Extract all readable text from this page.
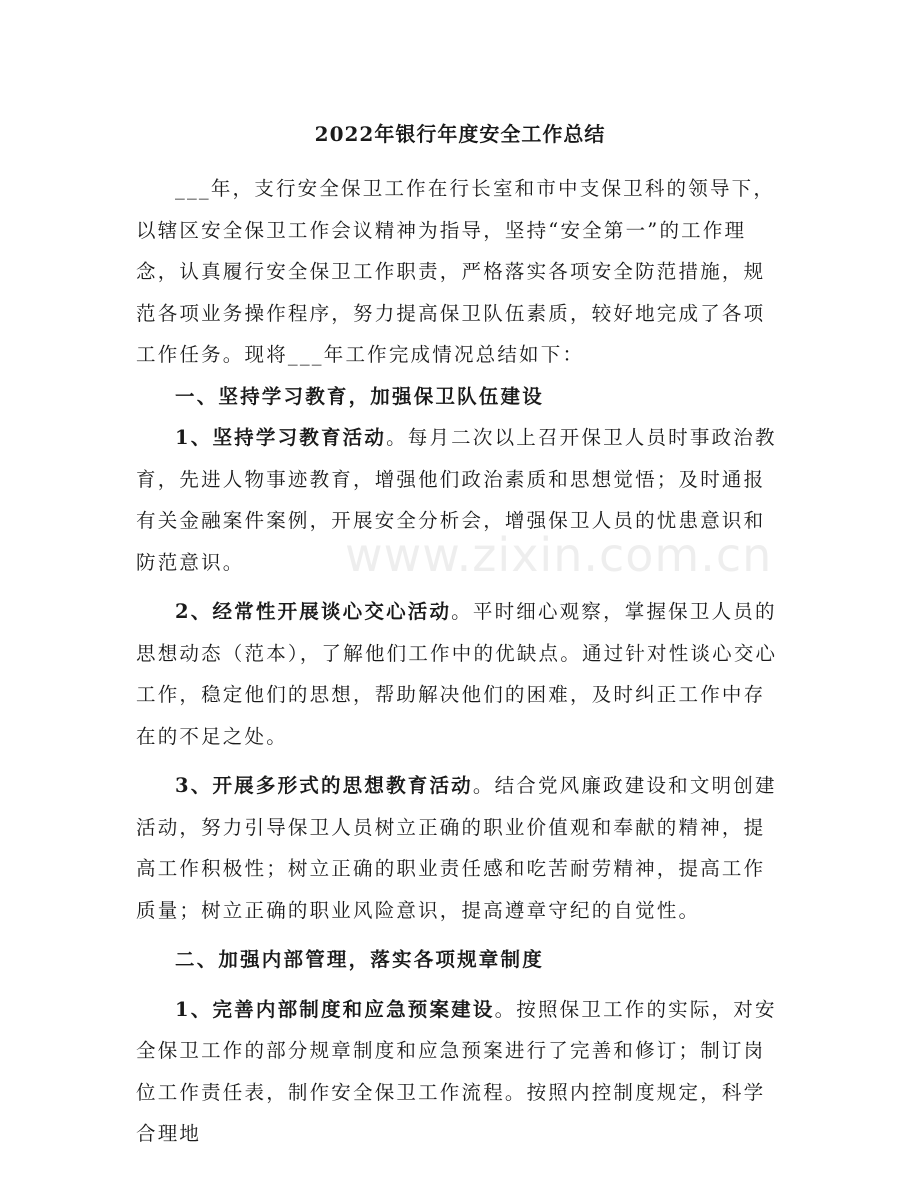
2022年银行年度安全工作总结

___年，支行安全保卫工作在行长室和市中支保卫科的领导下，以辖区安全保卫工作会议精神为指导，坚持“安全第一”的工作理念，认真履行安全保卫工作职责，严格落实各项安全防范措施，规范各项业务操作程序，努力提高保卫队伍素质，较好地完成了各项工作任务。现将___年工作完成情况总结如下：

一、坚持学习教育，加强保卫队伍建设

1、坚持学习教育活动。每月二次以上召开保卫人员时事政治教育，先进人物事迹教育，增强他们政治素质和思想觉悟；及时通报有关金融案件案例，开展安全分析会，增强保卫人员的忧患意识和防范意识。

2、经常性开展谈心交心活动。平时细心观察，掌握保卫人员的思想动态（范本），了解他们工作中的优缺点。通过针对性谈心交心工作，稳定他们的思想，帮助解决他们的困难，及时纠正工作中存在的不足之处。

3、开展多形式的思想教育活动。结合党风廉政建设和文明创建活动，努力引导保卫人员树立正确的职业价值观和奉献的精神，提高工作积极性；树立正确的职业责任感和吃苦耐劳精神，提高工作质量；树立正确的职业风险意识，提高遵章守纪的自觉性。

二、加强内部管理，落实各项规章制度

1、完善内部制度和应急预案建设。按照保卫工作的实际，对安全保卫工作的部分规章制度和应急预案进行了完善和修订；制订岗位工作责任表，制作安全保卫工作流程。按照内控制度规定，科学合理地

www.zixin.com.cn
